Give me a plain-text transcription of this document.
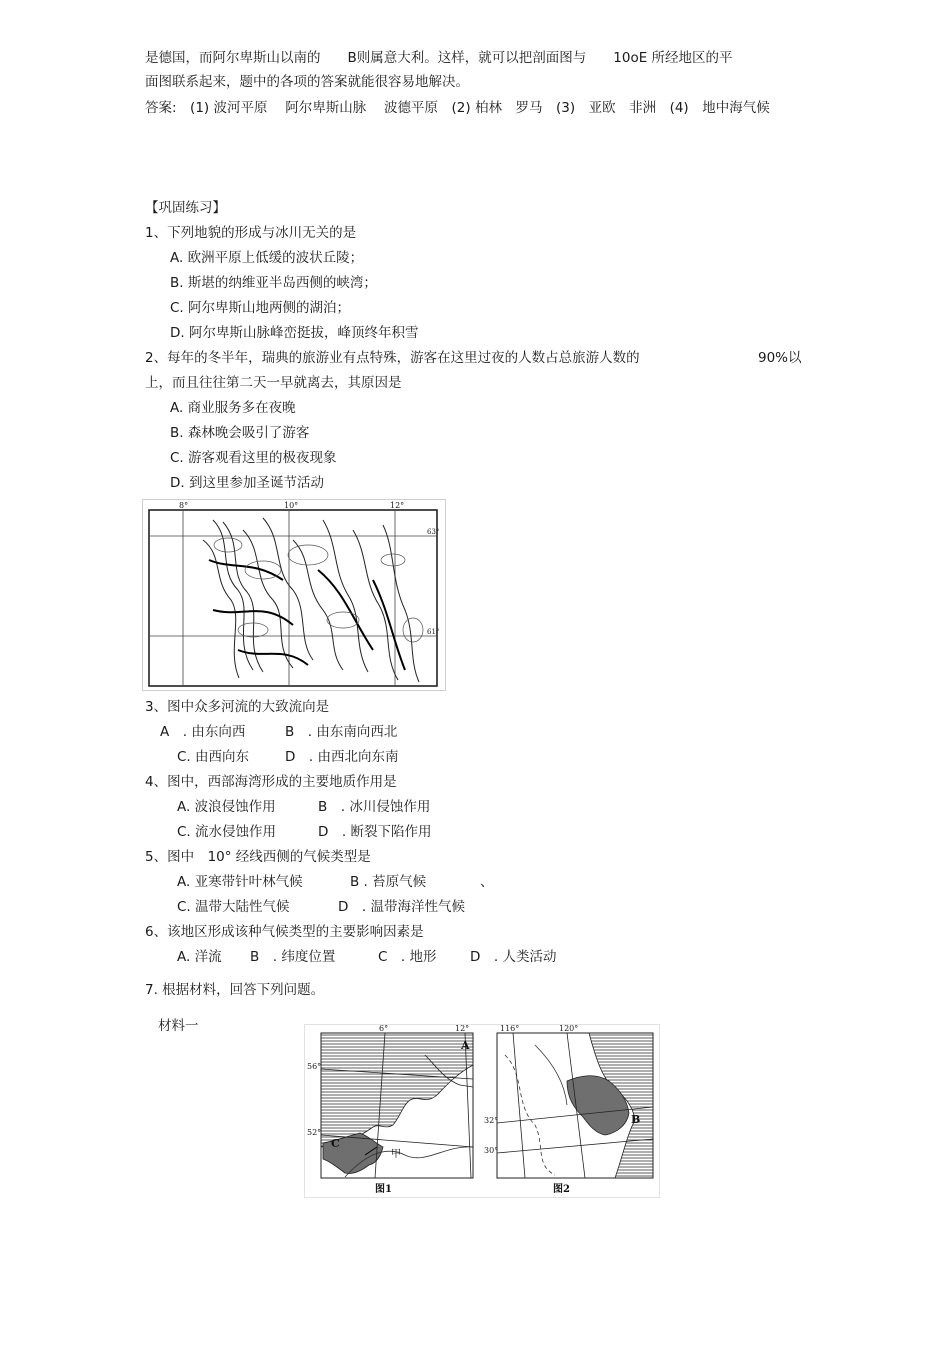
是德国，而阿尔卑斯山以南的　　B则属意大利。这样，就可以把剖面图与　　10oE 所经地区的平
面图联系起来，题中的各项的答案就能很容易地解决。
答案:　(1) 波河平原　 阿尔卑斯山脉　 波德平原　(2) 柏林　罗马　(3)　亚欧　非洲　(4)　地中海气候
【巩固练习】
1、下列地貌的形成与冰川无关的是
A. 欧洲平原上低缓的波状丘陵；
B. 斯堪的纳维亚半岛西侧的峡湾；
C. 阿尔卑斯山地两侧的湖泊；
D. 阿尔卑斯山脉峰峦挺拔，峰顶终年积雪
2、每年的冬半年，瑞典的旅游业有点特殊，游客在这里过夜的人数占总旅游人数的	90%以
上，而且往往第二天一早就离去，其原因是
A. 商业服务多在夜晚
B. 森林晚会吸引了游客
C. 游客观看这里的极夜现象
D. 到这里参加圣诞节活动
8°	10°	12°
63°
61°
3、图中众多河流的大致流向是
A　. 由东向西	B　. 由东南向西北
C. 由西向东	D　. 由西北向东南
4、图中，西部海湾形成的主要地质作用是
A. 波浪侵蚀作用	B　. 冰川侵蚀作用
C. 流水侵蚀作用	D　. 断裂下陷作用
5、图中　10° 经线西侧的气候类型是
A. 亚寒带针叶林气候	B . 苔原气候	、
C. 温带大陆性气候	D　. 温带海洋性气候
6、该地区形成该种气候类型的主要影响因素是
A. 洋流 B　. 纬度位置	C　. 地形 D　. 人类活动
7. 根据材料，回答下列问题。
材料一	6°	12°
56°
52°
A
C
甲
图1
116°	120°
32°
30°
B
图2
